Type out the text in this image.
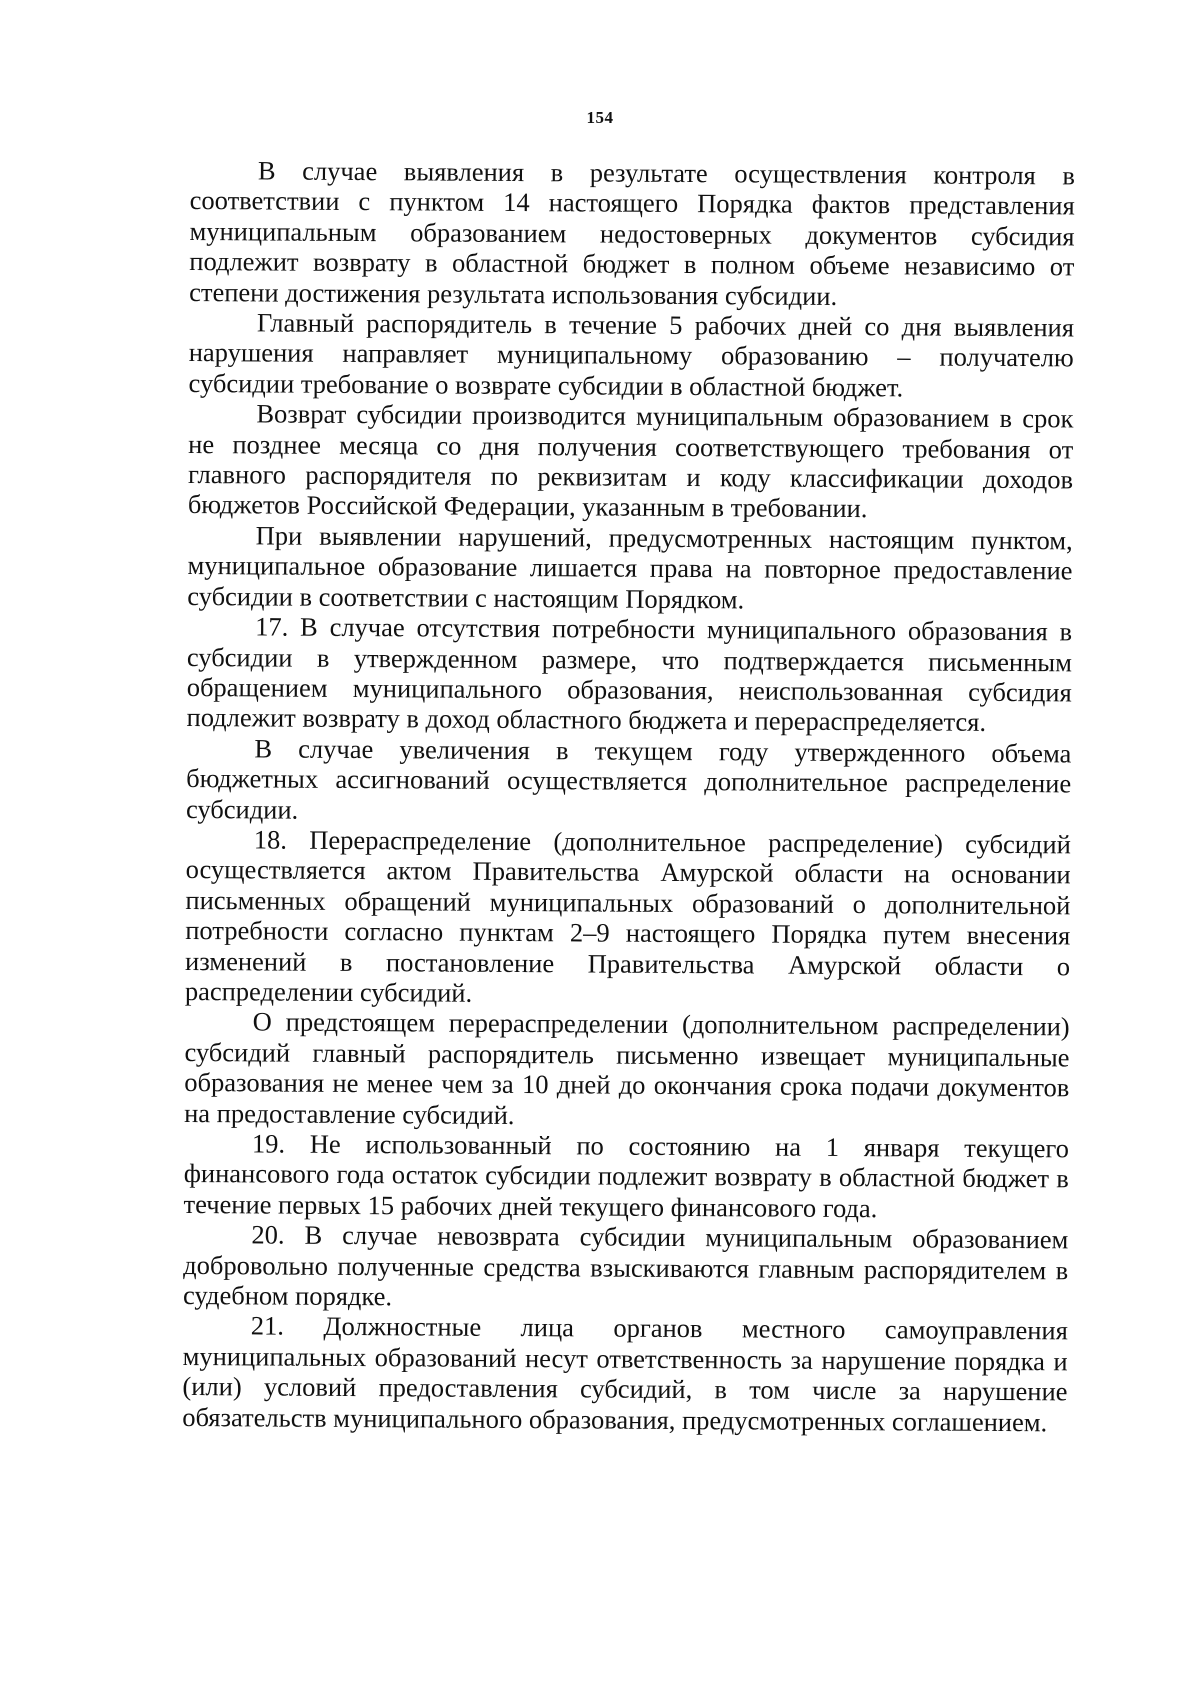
154

В случае выявления в результате осуществления контроля в соответствии с пунктом 14 настоящего Порядка фактов представления муниципальным образованием недостоверных документов субсидия подлежит возврату в областной бюджет в полном объеме независимо от степени достижения результата использования субсидии.

Главный распорядитель в течение 5 рабочих дней со дня выявления нарушения направляет муниципальному образованию – получателю субсидии требование о возврате субсидии в областной бюджет.

Возврат субсидии производится муниципальным образованием в срок не позднее месяца со дня получения соответствующего требования от главного распорядителя по реквизитам и коду классификации доходов бюджетов Российской Федерации, указанным в требовании.

При выявлении нарушений, предусмотренных настоящим пунктом, муниципальное образование лишается права на повторное предоставление субсидии в соответствии с настоящим Порядком.

17. В случае отсутствия потребности муниципального образования в субсидии в утвержденном размере, что подтверждается письменным обращением муниципального образования, неиспользованная субсидия подлежит возврату в доход областного бюджета и перераспределяется.

В случае увеличения в текущем году утвержденного объема бюджетных ассигнований осуществляется дополнительное распределение субсидии.

18. Перераспределение (дополнительное распределение) субсидий осуществляется актом Правительства Амурской области на основании письменных обращений муниципальных образований о дополнительной потребности согласно пунктам 2–9 настоящего Порядка путем внесения изменений в постановление Правительства Амурской области о распределении субсидий.

О предстоящем перераспределении (дополнительном распределении) субсидий главный распорядитель письменно извещает муниципальные образования не менее чем за 10 дней до окончания срока подачи документов на предоставление субсидий.

19. Не использованный по состоянию на 1 января текущего финансового года остаток субсидии подлежит возврату в областной бюджет в течение первых 15 рабочих дней текущего финансового года.

20. В случае невозврата субсидии муниципальным образованием добровольно полученные средства взыскиваются главным распорядителем в судебном порядке.

21. Должностные лица органов местного самоуправления муниципальных образований несут ответственность за нарушение порядка и (или) условий предоставления субсидий, в том числе за нарушение обязательств муниципального образования, предусмотренных соглашением.
